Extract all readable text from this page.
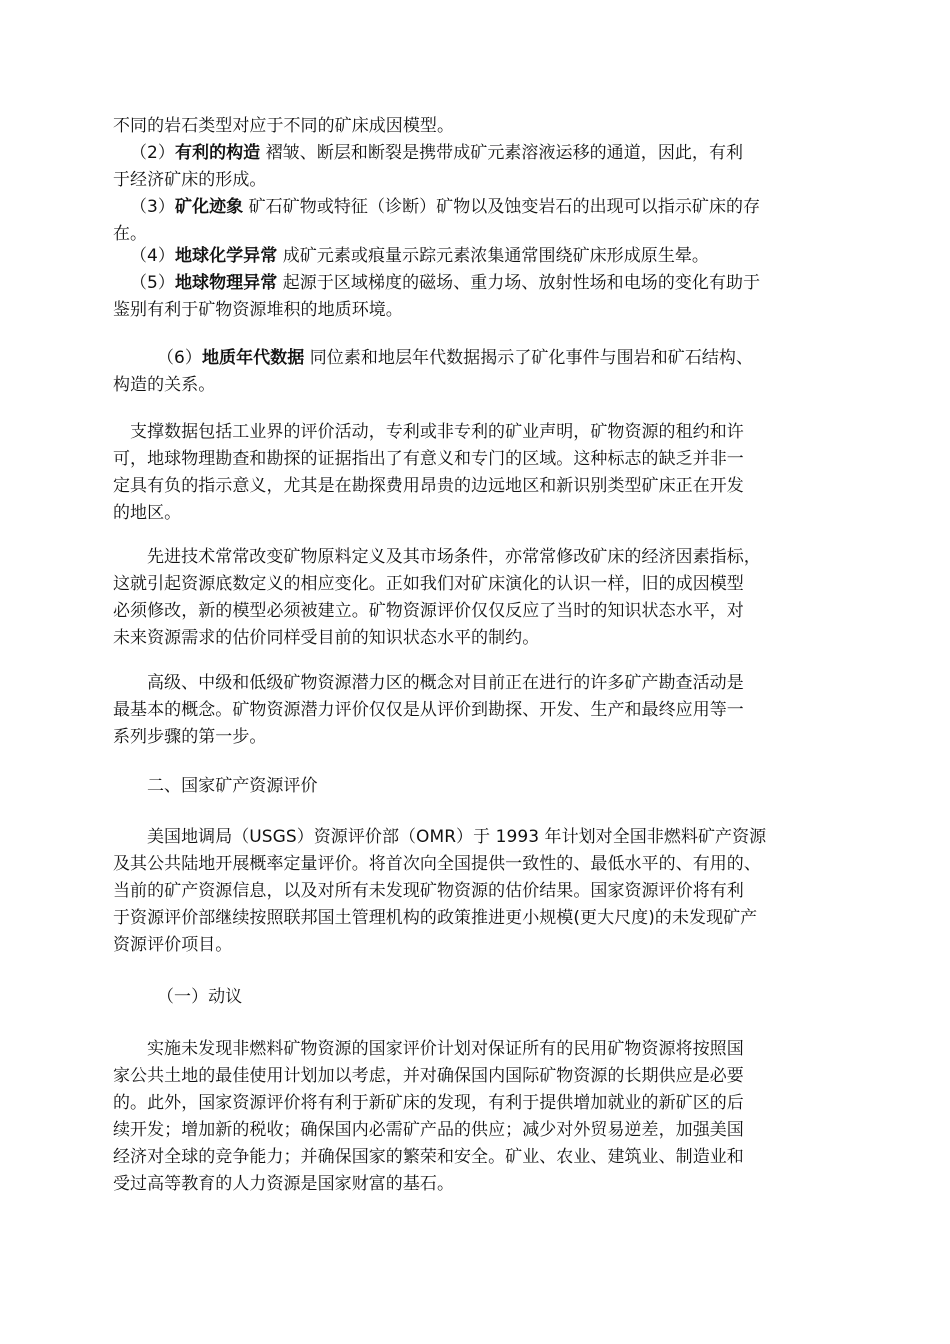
不同的岩石类型对应于不同的矿床成因模型。
（2）有利的构造 褶皱、断层和断裂是携带成矿元素溶液运移的通道，因此，有利
于经济矿床的形成。
（3）矿化迹象 矿石矿物或特征（诊断）矿物以及蚀变岩石的出现可以指示矿床的存
在。
（4）地球化学异常 成矿元素或痕量示踪元素浓集通常围绕矿床形成原生晕。
（5）地球物理异常 起源于区域梯度的磁场、重力场、放射性场和电场的变化有助于
鉴别有利于矿物资源堆积的地质环境。
（6）地质年代数据 同位素和地层年代数据揭示了矿化事件与围岩和矿石结构、
构造的关系。
支撑数据包括工业界的评价活动，专利或非专利的矿业声明，矿物资源的租约和许
可，地球物理勘查和勘探的证据指出了有意义和专门的区域。这种标志的缺乏并非一
定具有负的指示意义，尤其是在勘探费用昂贵的边远地区和新识别类型矿床正在开发
的地区。
先进技术常常改变矿物原料定义及其市场条件，亦常常修改矿床的经济因素指标，
这就引起资源底数定义的相应变化。正如我们对矿床演化的认识一样，旧的成因模型
必须修改，新的模型必须被建立。矿物资源评价仅仅反应了当时的知识状态水平，对
未来资源需求的估价同样受目前的知识状态水平的制约。
高级、中级和低级矿物资源潜力区的概念对目前正在进行的许多矿产勘查活动是
最基本的概念。矿物资源潜力评价仅仅是从评价到勘探、开发、生产和最终应用等一
系列步骤的第一步。
二、国家矿产资源评价
美国地调局（USGS）资源评价部（OMR）于 1993 年计划对全国非燃料矿产资源
及其公共陆地开展概率定量评价。将首次向全国提供一致性的、最低水平的、有用的、
当前的矿产资源信息，以及对所有未发现矿物资源的估价结果。国家资源评价将有利
于资源评价部继续按照联邦国土管理机构的政策推进更小规模(更大尺度)的未发现矿产
资源评价项目。
（一）动议
实施未发现非燃料矿物资源的国家评价计划对保证所有的民用矿物资源将按照国
家公共土地的最佳使用计划加以考虑，并对确保国内国际矿物资源的长期供应是必要
的。此外，国家资源评价将有利于新矿床的发现，有利于提供增加就业的新矿区的后
续开发；增加新的税收；确保国内必需矿产品的供应；减少对外贸易逆差，加强美国
经济对全球的竞争能力；并确保国家的繁荣和安全。矿业、农业、建筑业、制造业和
受过高等教育的人力资源是国家财富的基石。
